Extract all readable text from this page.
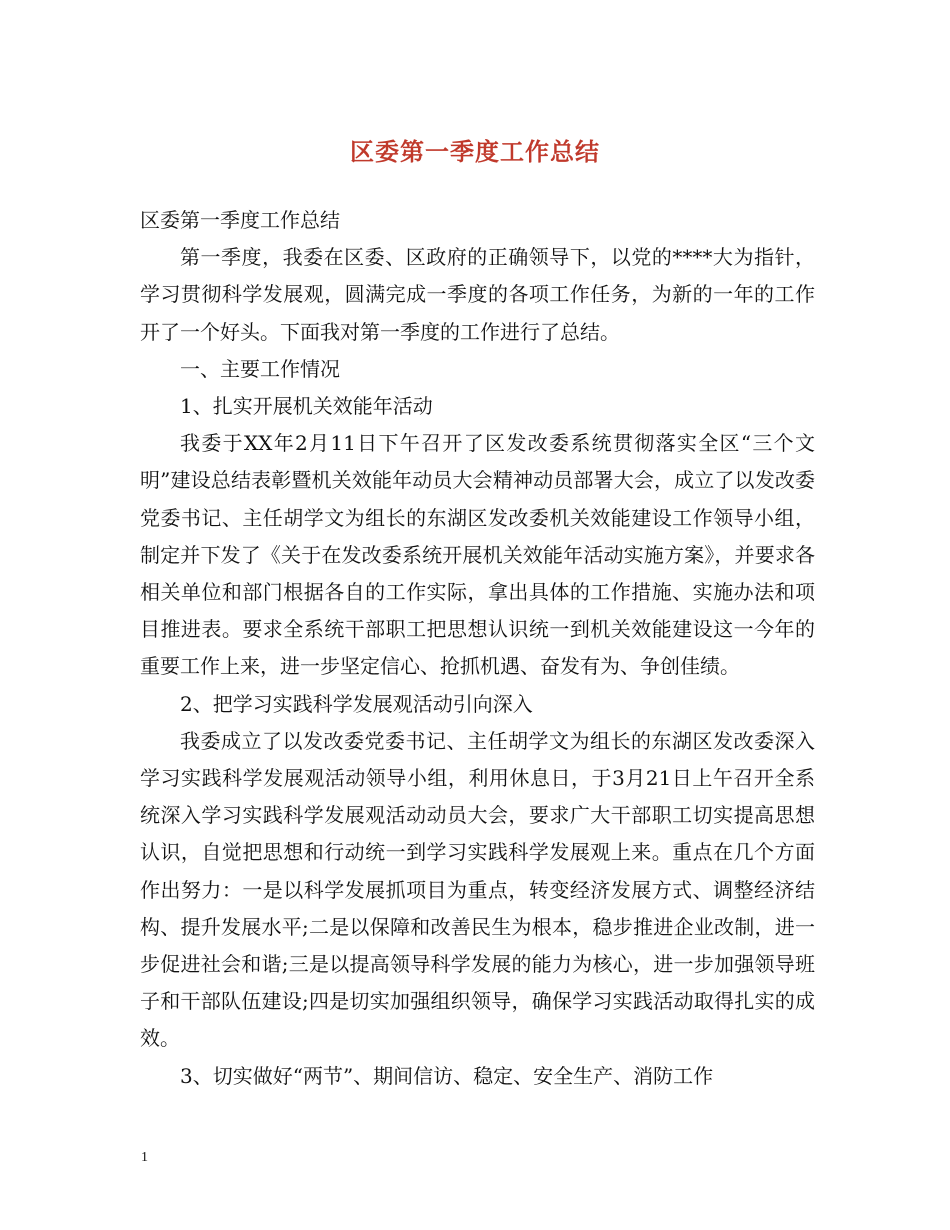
区委第一季度工作总结

区委第一季度工作总结

第一季度，我委在区委、区政府的正确领导下，以党的****大为指针，学习贯彻科学发展观，圆满完成一季度的各项工作任务，为新的一年的工作开了一个好头。下面我对第一季度的工作进行了总结。

一、主要工作情况

1、扎实开展机关效能年活动

我委于XX年2月11日下午召开了区发改委系统贯彻落实全区“三个文明”建设总结表彰暨机关效能年动员大会精神动员部署大会，成立了以发改委党委书记、主任胡学文为组长的东湖区发改委机关效能建设工作领导小组，制定并下发了《关于在发改委系统开展机关效能年活动实施方案》，并要求各相关单位和部门根据各自的工作实际，拿出具体的工作措施、实施办法和项目推进表。要求全系统干部职工把思想认识统一到机关效能建设这一今年的重要工作上来，进一步坚定信心、抢抓机遇、奋发有为、争创佳绩。

2、把学习实践科学发展观活动引向深入

我委成立了以发改委党委书记、主任胡学文为组长的东湖区发改委深入学习实践科学发展观活动领导小组，利用休息日，于3月21日上午召开全系统深入学习实践科学发展观活动动员大会，要求广大干部职工切实提高思想认识，自觉把思想和行动统一到学习实践科学发展观上来。重点在几个方面作出努力：一是以科学发展抓项目为重点，转变经济发展方式、调整经济结构、提升发展水平;二是以保障和改善民生为根本，稳步推进企业改制，进一步促进社会和谐;三是以提高领导科学发展的能力为核心，进一步加强领导班子和干部队伍建设;四是切实加强组织领导，确保学习实践活动取得扎实的成效。

3、切实做好“两节”、期间信访、稳定、安全生产、消防工作

1
